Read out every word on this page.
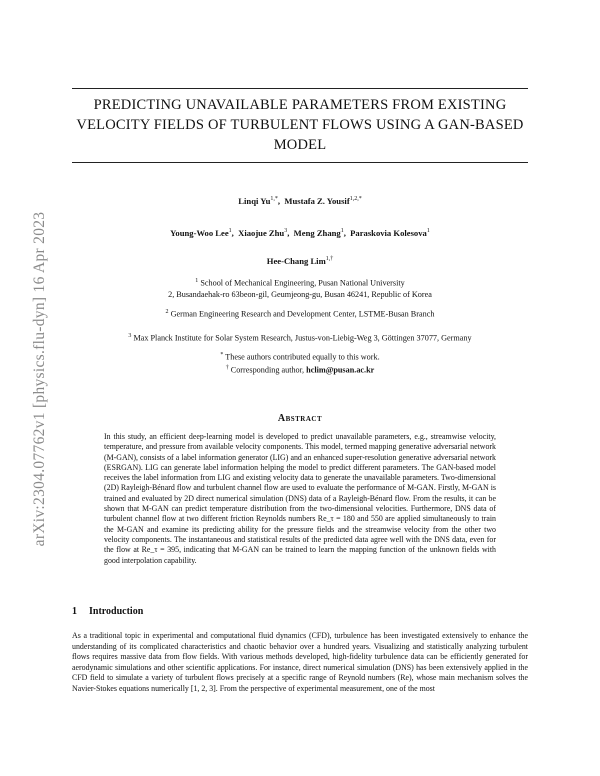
arXiv:2304.07762v1 [physics.flu-dyn] 16 Apr 2023
PREDICTING UNAVAILABLE PARAMETERS FROM EXISTING
VELOCITY FIELDS OF TURBULENT FLOWS USING A GAN-BASED
MODEL
Linqi $Yu^{1,*}$,  Mustafa Z. Yousif$^{1,2,*}$
Young-Woo Lee$^1$,  Xiaojue Zhu$^3$,  Meng Zhang$^1$,  Paraskovia Kolesova$^1$
Hee-Chang Lim$^{1,\dagger}$
$^1$ School of Mechanical Engineering, Pusan National University
2, Busandaehak-ro 63beon-gil, Geumjeong-gu, Busan 46241, Republic of Korea
$^2$ German Engineering Research and Development Center, LSTME-Busan Branch
$^3$ Max Planck Institute for Solar System Research, Justus-von-Liebig-Weg 3, Göttingen 37077, Germany
* These authors contributed equally to this work.
† Corresponding author, hclim@pusan.ac.kr
Abstract
In this study, an efficient deep-learning model is developed to predict unavailable parameters, e.g., streamwise velocity, temperature, and pressure from available velocity components. This model, termed mapping generative adversarial network (M-GAN), consists of a label information generator (LIG) and an enhanced super-resolution generative adversarial network (ESRGAN). LIG can generate label information helping the model to predict different parameters. The GAN-based model receives the label information from LIG and existing velocity data to generate the unavailable parameters. Two-dimensional (2D) Rayleigh-Bénard flow and turbulent channel flow are used to evaluate the performance of M-GAN. Firstly, M-GAN is trained and evaluated by 2D direct numerical simulation (DNS) data of a Rayleigh-Bénard flow. From the results, it can be shown that M-GAN can predict temperature distribution from the two-dimensional velocities. Furthermore, DNS data of turbulent channel flow at two different friction Reynolds numbers Re_τ = 180 and 550 are applied simultaneously to train the M-GAN and examine its predicting ability for the pressure fields and the streamwise velocity from the other two velocity components. The instantaneous and statistical results of the predicted data agree well with the DNS data, even for the flow at Re_τ = 395, indicating that M-GAN can be trained to learn the mapping function of the unknown fields with good interpolation capability.
1 Introduction
As a traditional topic in experimental and computational fluid dynamics (CFD), turbulence has been investigated extensively to enhance the understanding of its complicated characteristics and chaotic behavior over a hundred years. Visualizing and statistically analyzing turbulent flows requires massive data from flow fields. With various methods developed, high-fidelity turbulence data can be efficiently generated for aerodynamic simulations and other scientific applications. For instance, direct numerical simulation (DNS) has been extensively applied in the CFD field to simulate a variety of turbulent flows precisely at a specific range of Reynold numbers (Re), whose main mechanism solves the Navier-Stokes equations numerically [1, 2, 3]. From the perspective of experimental measurement, one of the most
